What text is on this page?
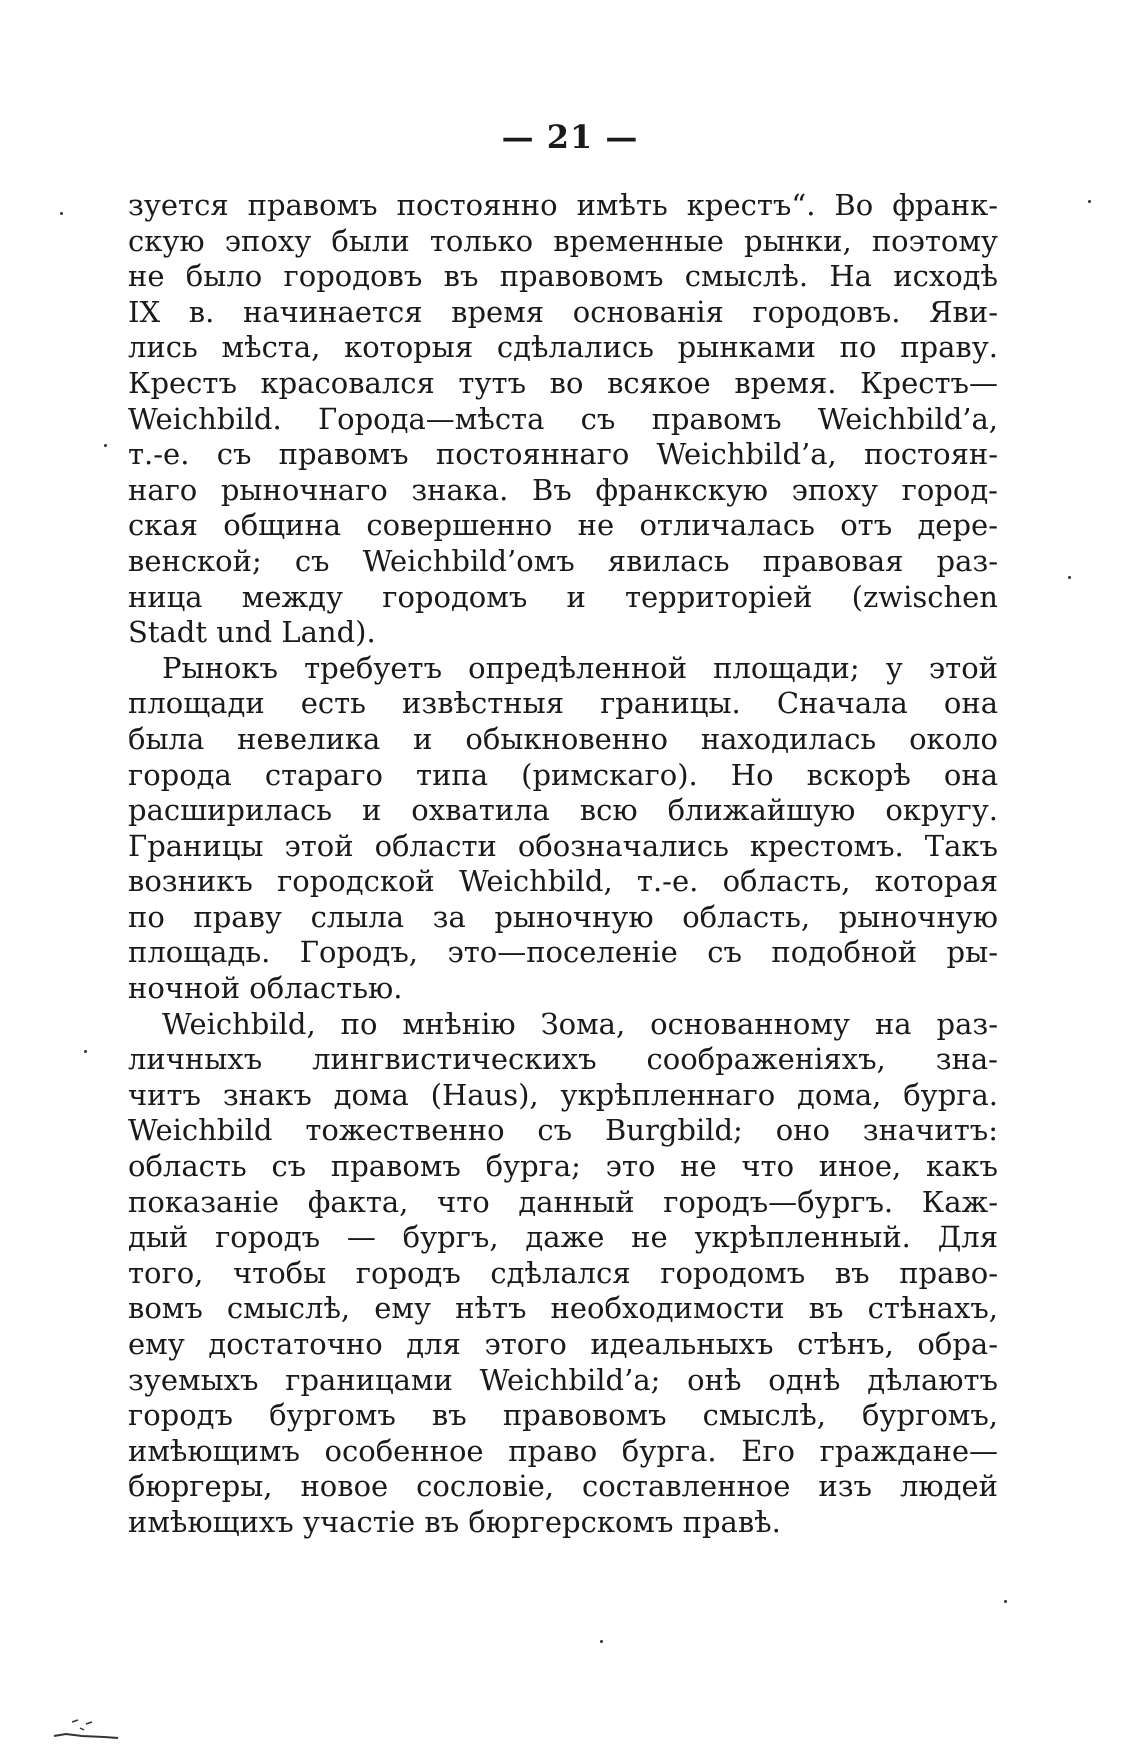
— 21 —
зуется правомъ постоянно имѣть крестъ“. Во франк-
скую эпоху были только временные рынки, поэтому
не было городовъ въ правовомъ смыслѣ. На исходѣ
IX в. начинается время основанія городовъ. Яви-
лись мѣста, которыя сдѣлались рынками по праву.
Крестъ красовался тутъ во всякое время. Крестъ—
Weichbild. Города—мѣста съ правомъ Weichbild’a,
т.-е. съ правомъ постояннаго Weichbild’a, постоян-
наго рыночнаго знака. Въ франкскую эпоху город-
ская община совершенно не отличалась отъ дере-
венской; съ Weichbild’омъ явилась правовая раз-
ница между городомъ и территоріей (zwischen
Stadt und Land).
Рынокъ требуетъ опредѣленной площади; у этой
площади есть извѣстныя границы. Сначала она
была невелика и обыкновенно находилась около
города стараго типа (римскаго). Но вскорѣ она
расширилась и охватила всю ближайшую округу.
Границы этой области обозначались крестомъ. Такъ
возникъ городской Weichbild, т.-е. область, которая
по праву слыла за рыночную область, рыночную
площадь. Городъ, это—поселеніе съ подобной ры-
ночной областью.
Weichbild, по мнѣнію Зома, основанному на раз-
личныхъ лингвистическихъ соображеніяхъ, зна-
читъ знакъ дома (Haus), укрѣпленнаго дома, бурга.
Weichbild тожественно съ Burgbild; оно значитъ:
область съ правомъ бурга; это не что иное, какъ
показаніе факта, что данный городъ—бургъ. Каж-
дый городъ — бургъ, даже не укрѣпленный. Для
того, чтобы городъ сдѣлался городомъ въ право-
вомъ смыслѣ, ему нѣтъ необходимости въ стѣнахъ,
ему достаточно для этого идеальныхъ стѣнъ, обра-
зуемыхъ границами Weichbild’a; онѣ однѣ дѣлаютъ
городъ бургомъ въ правовомъ смыслѣ, бургомъ,
имѣющимъ особенное право бурга. Его граждане—
бюргеры, новое сословіе, составленное изъ людей
имѣющихъ участіе въ бюргерскомъ правѣ.
